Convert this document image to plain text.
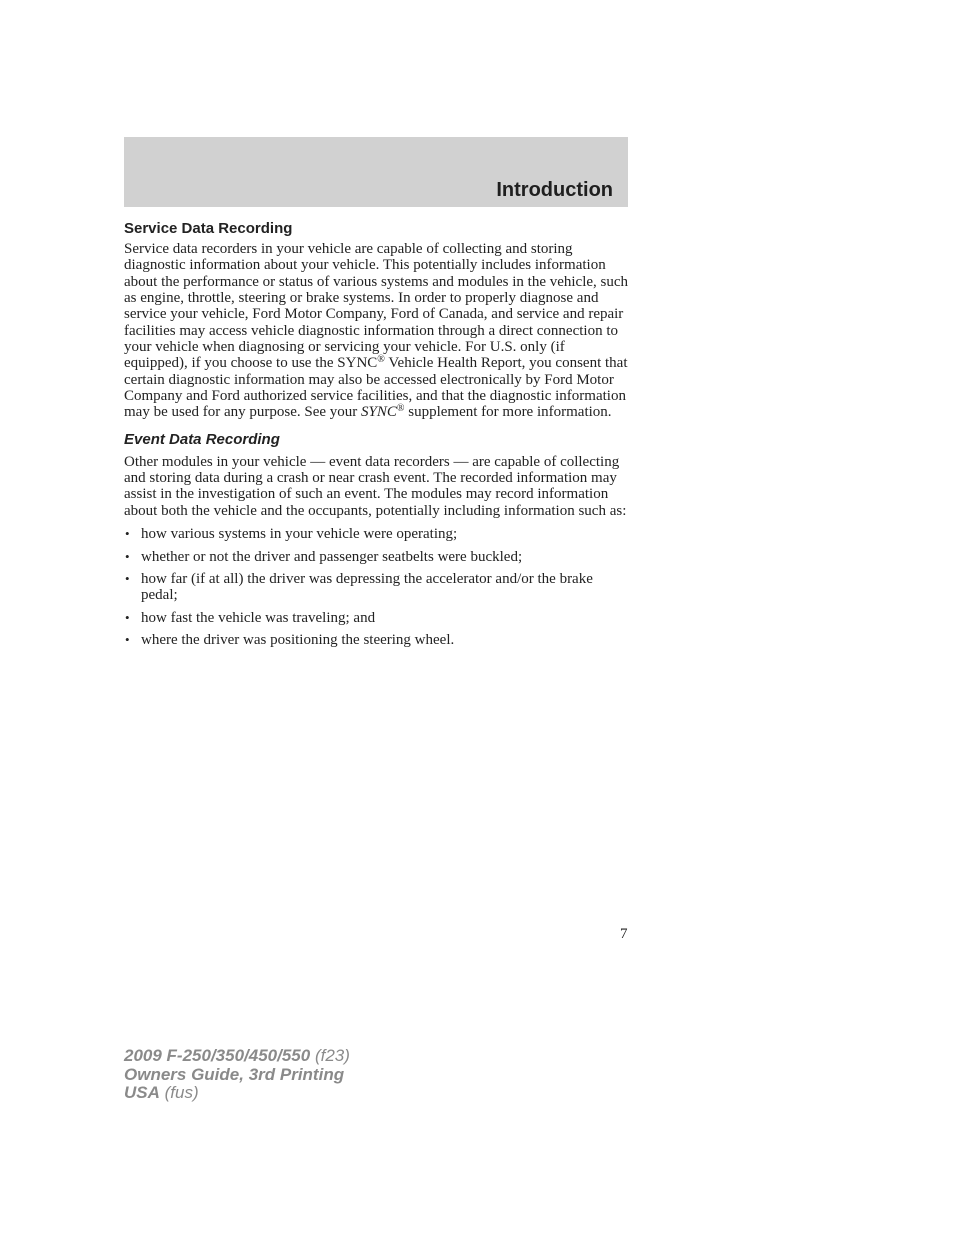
Introduction
Service Data Recording

Service data recorders in your vehicle are capable of collecting and storing diagnostic information about your vehicle. This potentially includes information about the performance or status of various systems and modules in the vehicle, such as engine, throttle, steering or brake systems. In order to properly diagnose and service your vehicle, Ford Motor Company, Ford of Canada, and service and repair facilities may access vehicle diagnostic information through a direct connection to your vehicle when diagnosing or servicing your vehicle. For U.S. only (if equipped), if you choose to use the SYNC® Vehicle Health Report, you consent that certain diagnostic information may also be accessed electronically by Ford Motor Company and Ford authorized service facilities, and that the diagnostic information may be used for any purpose. See your SYNC® supplement for more information.

Event Data Recording

Other modules in your vehicle — event data recorders — are capable of collecting and storing data during a crash or near crash event. The recorded information may assist in the investigation of such an event. The modules may record information about both the vehicle and the occupants, potentially including information such as:

• how various systems in your vehicle were operating;
• whether or not the driver and passenger seatbelts were buckled;
• how far (if at all) the driver was depressing the accelerator and/or the brake pedal;
• how fast the vehicle was traveling; and
• where the driver was positioning the steering wheel.
7
2009 F-250/350/450/550 (f23)
Owners Guide, 3rd Printing
USA (fus)
